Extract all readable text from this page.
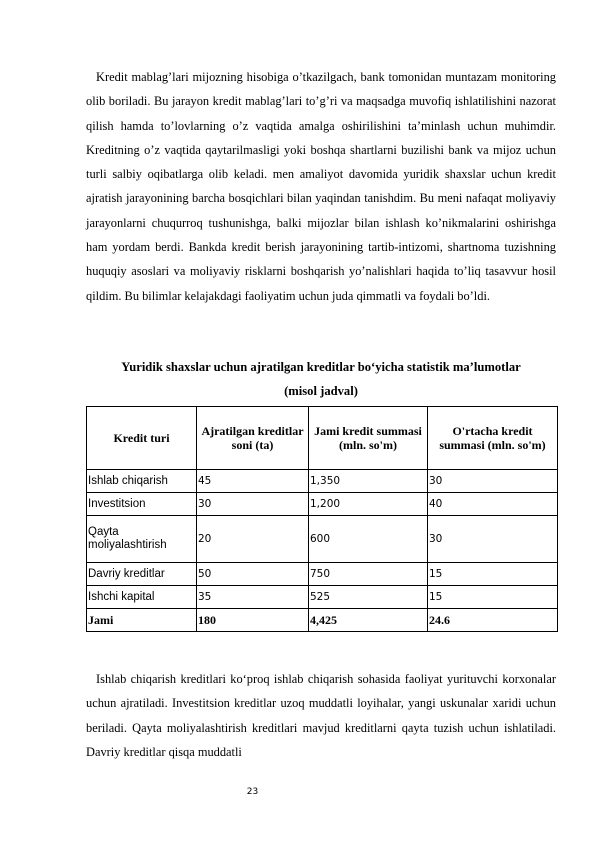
Kredit mablag’lari mijozning hisobiga o’tkazilgach, bank tomonidan muntazam monitoring olib boriladi. Bu jarayon kredit mablag’lari to’g’ri va maqsadga muvofiq ishlatilishini nazorat qilish hamda to’lovlarning o’z vaqtida amalga oshirilishini ta’minlash uchun muhimdir. Kreditning o’z vaqtida qaytarilmasligi yoki boshqa shartlarni buzilishi bank va mijoz uchun turli salbiy oqibatlarga olib keladi. men amaliyot davomida yuridik shaxslar uchun kredit ajratish jarayonining barcha bosqichlari bilan yaqindan tanishdim. Bu meni nafaqat moliyaviy jarayonlarni chuqurroq tushunishga, balki mijozlar bilan ishlash ko’nikmalarini oshirishga ham yordam berdi. Bankda kredit berish jarayonining tartib-intizomi, shartnoma tuzishning huquqiy asoslari va moliyaviy risklarni boshqarish yo’nalishlari haqida to’liq tasavvur hosil qildim. Bu bilimlar kelajakdagi faoliyatim uchun juda qimmatli va foydali bo’ldi.

Yuridik shaxslar uchun ajratilgan kreditlar bo‘yicha statistik ma’lumotlar
(misol jadval)
Kredit turi	Ajratilgan kreditlar soni (ta)	Jami kredit summasi (mln. so'm)	O'rtacha kredit summasi (mln. so'm)
Ishlab chiqarish	45	1,350	30
Investitsion	30	1,200	40
Qayta moliyalashtirish	20	600	30
Davriy kreditlar	50	750	15
Ishchi kapital	35	525	15
Jami	180	4,425	24.6

Ishlab chiqarish kreditlari ko‘proq ishlab chiqarish sohasida faoliyat yurituvchi korxonalar uchun ajratiladi. Investitsion kreditlar uzoq muddatli loyihalar, yangi uskunalar xaridi uchun beriladi. Qayta moliyalashtirish kreditlari mavjud kreditlarni qayta tuzish uchun ishlatiladi. Davriy kreditlar qisqa muddatli

23
